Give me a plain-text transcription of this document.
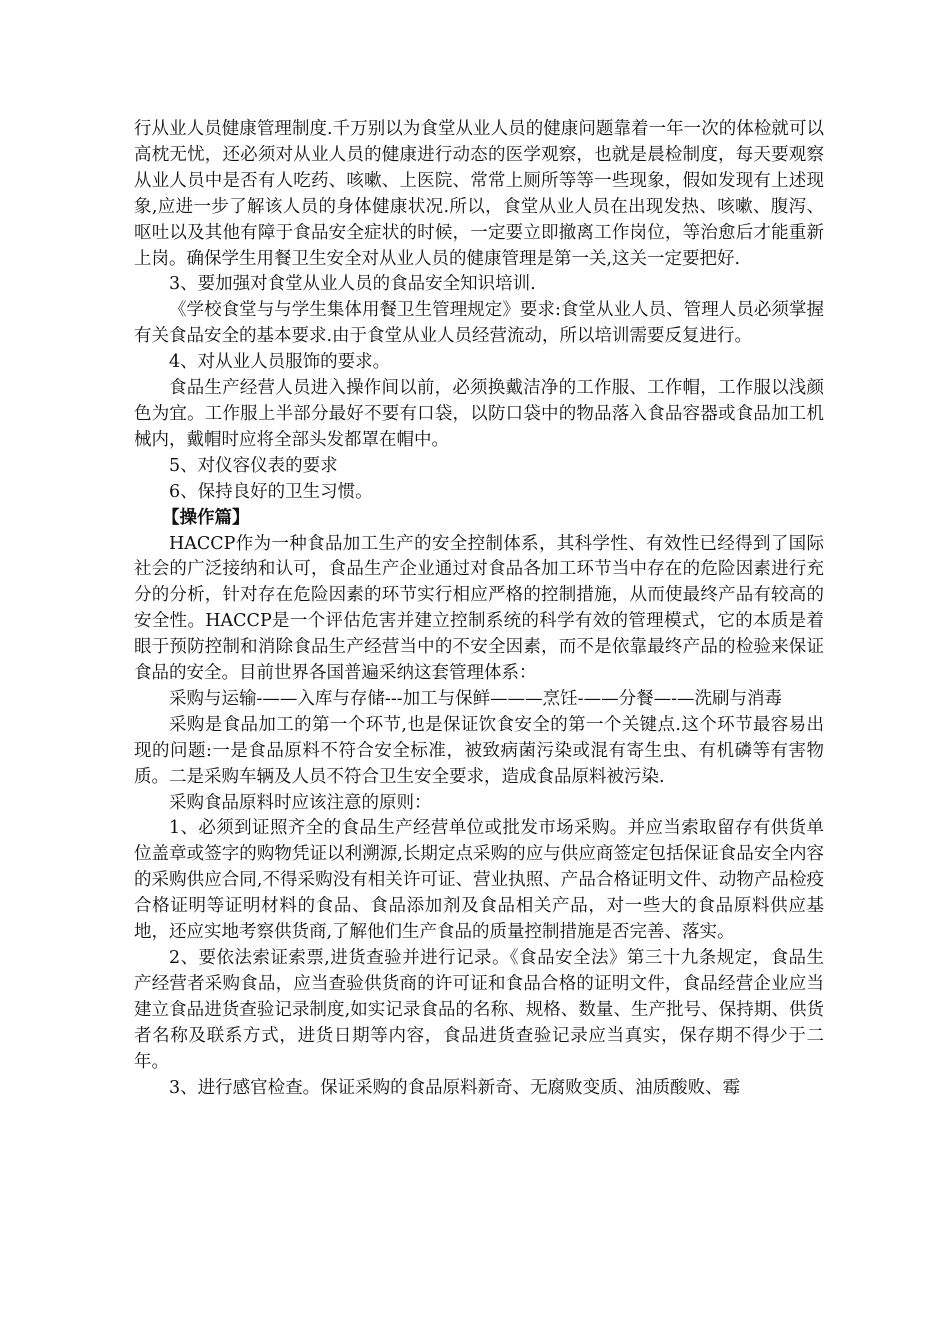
行从业人员健康管理制度.千万别以为食堂从业人员的健康问题靠着一年一次的体检就可以高枕无忧，还必须对从业人员的健康进行动态的医学观察，也就是晨检制度，每天要观察从业人员中是否有人吃药、咳嗽、上医院、常常上厕所等等一些现象，假如发现有上述现象,应进一步了解该人员的身体健康状况.所以，食堂从业人员在出现发热、咳嗽、腹泻、呕吐以及其他有障于食品安全症状的时候，一定要立即撤离工作岗位，等治愈后才能重新上岗。确保学生用餐卫生安全对从业人员的健康管理是第一关,这关一定要把好.

3、要加强对食堂从业人员的食品安全知识培训.

《学校食堂与与学生集体用餐卫生管理规定》要求:食堂从业人员、管理人员必须掌握有关食品安全的基本要求.由于食堂从业人员经营流动，所以培训需要反复进行。

4、对从业人员服饰的要求。

食品生产经营人员进入操作间以前，必须换戴洁净的工作服、工作帽，工作服以浅颜色为宜。工作服上半部分最好不要有口袋，以防口袋中的物品落入食品容器或食品加工机械内，戴帽时应将全部头发都罩在帽中。

5、对仪容仪表的要求

6、保持良好的卫生习惯。

【操作篇】

HACCP作为一种食品加工生产的安全控制体系，其科学性、有效性已经得到了国际社会的广泛接纳和认可，食品生产企业通过对食品各加工环节当中存在的危险因素进行充分的分析，针对存在危险因素的环节实行相应严格的控制措施，从而使最终产品有较高的安全性。HACCP是一个评估危害并建立控制系统的科学有效的管理模式，它的本质是着眼于预防控制和消除食品生产经营当中的不安全因素，而不是依靠最终产品的检验来保证食品的安全。目前世界各国普遍采纳这套管理体系：

采购与运输-——入库与存储---加工与保鲜———烹饪-——分餐—-—洗刷与消毒

采购是食品加工的第一个环节,也是保证饮食安全的第一个关键点.这个环节最容易出现的问题:一是食品原料不符合安全标准，被致病菌污染或混有寄生虫、有机磷等有害物质。二是采购车辆及人员不符合卫生安全要求，造成食品原料被污染.

采购食品原料时应该注意的原则：

1、必须到证照齐全的食品生产经营单位或批发市场采购。并应当索取留存有供货单位盖章或签字的购物凭证以利溯源,长期定点采购的应与供应商签定包括保证食品安全内容的采购供应合同,不得采购没有相关许可证、营业执照、产品合格证明文件、动物产品检疫合格证明等证明材料的食品、食品添加剂及食品相关产品，对一些大的食品原料供应基地，还应实地考察供货商,了解他们生产食品的质量控制措施是否完善、落实。

2、要依法索证索票,进货查验并进行记录。《食品安全法》第三十九条规定，食品生产经营者采购食品，应当查验供货商的许可证和食品合格的证明文件，食品经营企业应当建立食品进货查验记录制度,如实记录食品的名称、规格、数量、生产批号、保持期、供货者名称及联系方式，进货日期等内容，食品进货查验记录应当真实，保存期不得少于二年。

3、进行感官检查。保证采购的食品原料新奇、无腐败变质、油质酸败、霉
